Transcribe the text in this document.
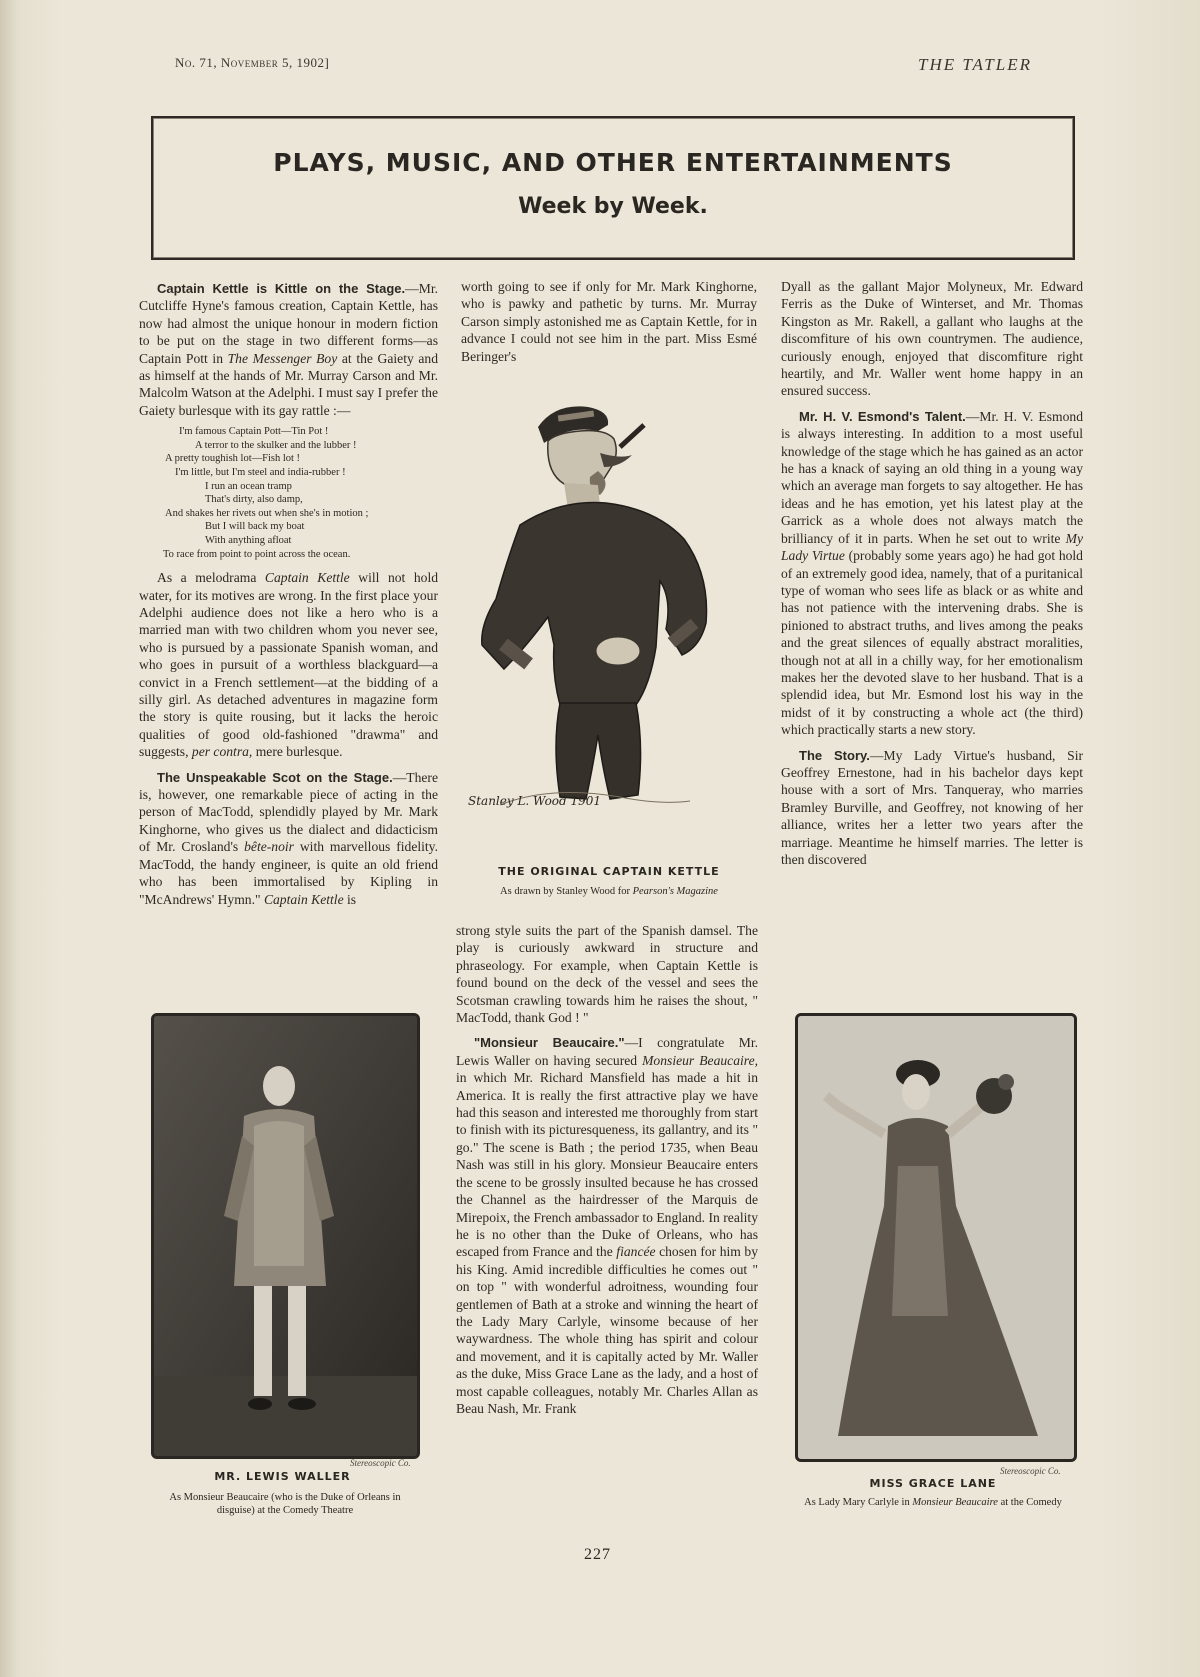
No. 71, November 5, 1902]	THE TATLER
PLAYS, MUSIC, AND OTHER ENTERTAINMENTS
Week by Week.

Captain Kettle is Kittle on the Stage.—Mr. Cutcliffe Hyne's famous creation, Captain Kettle, has now had almost the unique honour in modern fiction to be put on the stage in two different forms—as Captain Pott in The Messenger Boy at the Gaiety and as himself at the hands of Mr. Murray Carson and Mr. Malcolm Watson at the Adelphi. I must say I prefer the Gaiety burlesque with its gay rattle :—

I'm famous Captain Pott—Tin Pot !
A terror to the skulker and the lubber !
A pretty toughish lot—Fish lot !
I'm little, but I'm steel and india-rubber !
I run an ocean tramp
That's dirty, also damp,
And shakes her rivets out when she's in motion ;
But I will back my boat
With anything afloat
To race from point to point across the ocean.

As a melodrama Captain Kettle will not hold water, for its motives are wrong. In the first place your Adelphi audience does not like a hero who is a married man with two children whom you never see, who is pursued by a passionate Spanish woman, and who goes in pursuit of a worthless blackguard—a convict in a French settlement—at the bidding of a silly girl. As detached adventures in magazine form the story is quite rousing, but it lacks the heroic qualities of good old-fashioned "drawma" and suggests, per contra, mere burlesque.

The Unspeakable Scot on the Stage.—There is, however, one remarkable piece of acting in the person of MacTodd, splendidly played by Mr. Mark Kinghorne, who gives us the dialect and didacticism of Mr. Crosland's bête-noir with marvellous fidelity. MacTodd, the handy engineer, is quite an old friend who has been immortalised by Kipling in "McAndrews' Hymn." Captain Kettle is

worth going to see if only for Mr. Mark Kinghorne, who is pawky and pathetic by turns. Mr. Murray Carson simply astonished me as Captain Kettle, for in advance I could not see him in the part. Miss Esmé Beringer's

Stanley L. Wood 1901
THE ORIGINAL CAPTAIN KETTLE
As drawn by Stanley Wood for Pearson's Magazine

strong style suits the part of the Spanish damsel. The play is curiously awkward in structure and phraseology. For example, when Captain Kettle is found bound on the deck of the vessel and sees the Scotsman crawling towards him he raises the shout, " MacTodd, thank God ! "

"Monsieur Beaucaire."—I congratulate Mr. Lewis Waller on having secured Monsieur Beaucaire, in which Mr. Richard Mansfield has made a hit in America. It is really the first attractive play we have had this season and interested me thoroughly from start to finish with its picturesqueness, its gallantry, and its " go." The scene is Bath ; the period 1735, when Beau Nash was still in his glory. Monsieur Beaucaire enters the scene to be grossly insulted because he has crossed the Channel as the hairdresser of the Marquis de Mirepoix, the French ambassador to England. In reality he is no other than the Duke of Orleans, who has escaped from France and the fiancée chosen for him by his King. Amid incredible difficulties he comes out " on top " with wonderful adroitness, wounding four gentlemen of Bath at a stroke and winning the heart of the Lady Mary Carlyle, winsome because of her waywardness. The whole thing has spirit and colour and movement, and it is capitally acted by Mr. Waller as the duke, Miss Grace Lane as the lady, and a host of most capable colleagues, notably Mr. Charles Allan as Beau Nash, Mr. Frank

Dyall as the gallant Major Molyneux, Mr. Edward Ferris as the Duke of Winterset, and Mr. Thomas Kingston as Mr. Rakell, a gallant who laughs at the discomfiture of his own countrymen. The audience, curiously enough, enjoyed that discomfiture right heartily, and Mr. Waller went home happy in an ensured success.

Mr. H. V. Esmond's Talent.—Mr. H. V. Esmond is always interesting. In addition to a most useful knowledge of the stage which he has gained as an actor he has a knack of saying an old thing in a young way which an average man forgets to say altogether. He has ideas and he has emotion, yet his latest play at the Garrick as a whole does not always match the brilliancy of it in parts. When he set out to write My Lady Virtue (probably some years ago) he had got hold of an extremely good idea, namely, that of a puritanical type of woman who sees life as black or as white and has not patience with the intervening drabs. She is pinioned to abstract truths, and lives among the peaks and the great silences of equally abstract moralities, though not at all in a chilly way, for her emotionalism makes her the devoted slave to her husband. That is a splendid idea, but Mr. Esmond lost his way in the midst of it by constructing a whole act (the third) which practically starts a new story.

The Story.—My Lady Virtue's husband, Sir Geoffrey Ernestone, had in his bachelor days kept house with a sort of Mrs. Tanqueray, who marries Bramley Burville, and Geoffrey, not knowing of her alliance, writes her a letter two years after the marriage. Meantime he himself marries. The letter is then discovered

Stereoscopic Co.
MR. LEWIS WALLER
As Monsieur Beaucaire (who is the Duke of Orleans in disguise) at the Comedy Theatre
Stereoscopic Co.
MISS GRACE LANE
As Lady Mary Carlyle in Monsieur Beaucaire at the Comedy
227
